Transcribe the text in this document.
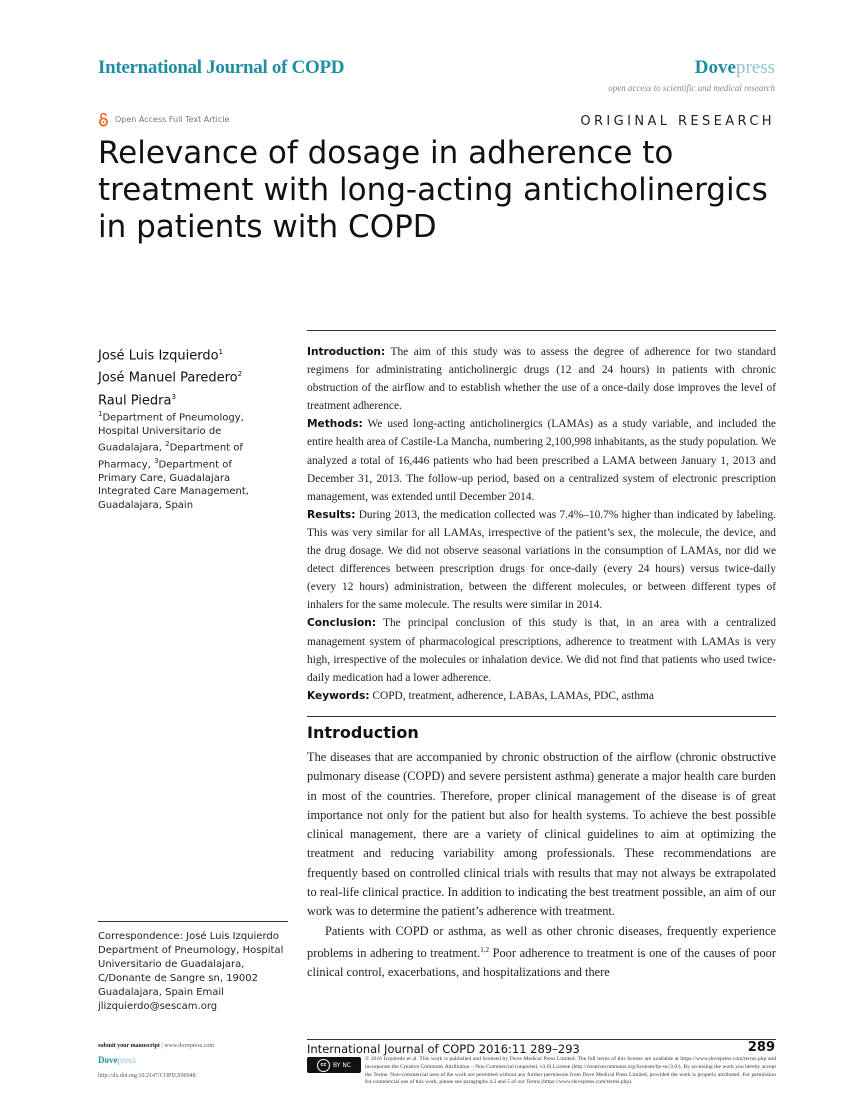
International Journal of COPD	Dovepress
open access to scientific and medical research
Open Access Full Text Article	ORIGINAL RESEARCH
Relevance of dosage in adherence to treatment with long-acting anticholinergics in patients with COPD
José Luis Izquierdo$^1$
José Manuel Paredero$^2$
Raul Piedra$^3$
$^1$Department of Pneumology, Hospital Universitario de Guadalajara, $^2$Department of Pharmacy, $^3$Department of Primary Care, Guadalajara Integrated Care Management, Guadalajara, Spain

Introduction: The aim of this study was to assess the degree of adherence for two standard regimens for administrating anticholinergic drugs (12 and 24 hours) in patients with chronic obstruction of the airflow and to establish whether the use of a once-daily dose improves the level of treatment adherence.

Methods: We used long-acting anticholinergics (LAMAs) as a study variable, and included the entire health area of Castile-La Mancha, numbering 2,100,998 inhabitants, as the study population. We analyzed a total of 16,446 patients who had been prescribed a LAMA between January 1, 2013 and December 31, 2013. The follow-up period, based on a centralized system of electronic prescription management, was extended until December 2014.

Results: During 2013, the medication collected was 7.4%–10.7% higher than indicated by labeling. This was very similar for all LAMAs, irrespective of the patient’s sex, the molecule, the device, and the drug dosage. We did not observe seasonal variations in the consumption of LAMAs, nor did we detect differences between prescription drugs for once-daily (every 24 hours) versus twice-daily (every 12 hours) administration, between the different molecules, or between different types of inhalers for the same molecule. The results were similar in 2014.

Conclusion: The principal conclusion of this study is that, in an area with a centralized management system of pharmacological prescriptions, adherence to treatment with LAMAs is very high, irrespective of the molecules or inhalation device. We did not find that patients who used twice-daily medication had a lower adherence.

Keywords: COPD, treatment, adherence, LABAs, LAMAs, PDC, asthma

Introduction

The diseases that are accompanied by chronic obstruction of the airflow (chronic obstructive pulmonary disease (COPD) and severe persistent asthma) generate a major health care burden in most of the countries. Therefore, proper clinical management of the disease is of great importance not only for the patient but also for health systems. To achieve the best possible clinical management, there are a variety of clinical guidelines to aim at optimizing the treatment and reducing variability among professionals. These recommendations are frequently based on controlled clinical trials with results that may not always be extrapolated to real-life clinical practice. In addition to indicating the best treatment possible, an aim of our work was to determine the patient’s adherence with treatment.

Patients with COPD or asthma, as well as other chronic diseases, frequently experience problems in adhering to treatment.$^{1,2}$ Poor adherence to treatment is one of the causes of poor clinical control, exacerbations, and hospitalizations and there

Correspondence: José Luis Izquierdo Department of Pneumology, Hospital Universitario de Guadalajara, C/Donante de Sangre sn, 19002 Guadalajara, Spain Email jlizquierdo@sescam.org
submit your manuscript | www.dovepress.com
Dovepress
http://dx.doi.org/10.2147/COPD.S96948
International Journal of COPD 2016:11 289–293	289
cc	BY NC
© 2016 Izquierdo et al. This work is published and licensed by Dove Medical Press Limited. The full terms of this license are available at https://www.dovepress.com/terms.php and incorporate the Creative Commons Attribution – Non Commercial (unported, v3.0) License (http://creativecommons.org/licenses/by-nc/3.0/). By accessing the work you hereby accept the Terms. Non-commercial uses of the work are permitted without any further permission from Dove Medical Press Limited, provided the work is properly attributed. For permission for commercial use of this work, please see paragraphs 4.2 and 5 of our Terms (https://www.dovepress.com/terms.php).
